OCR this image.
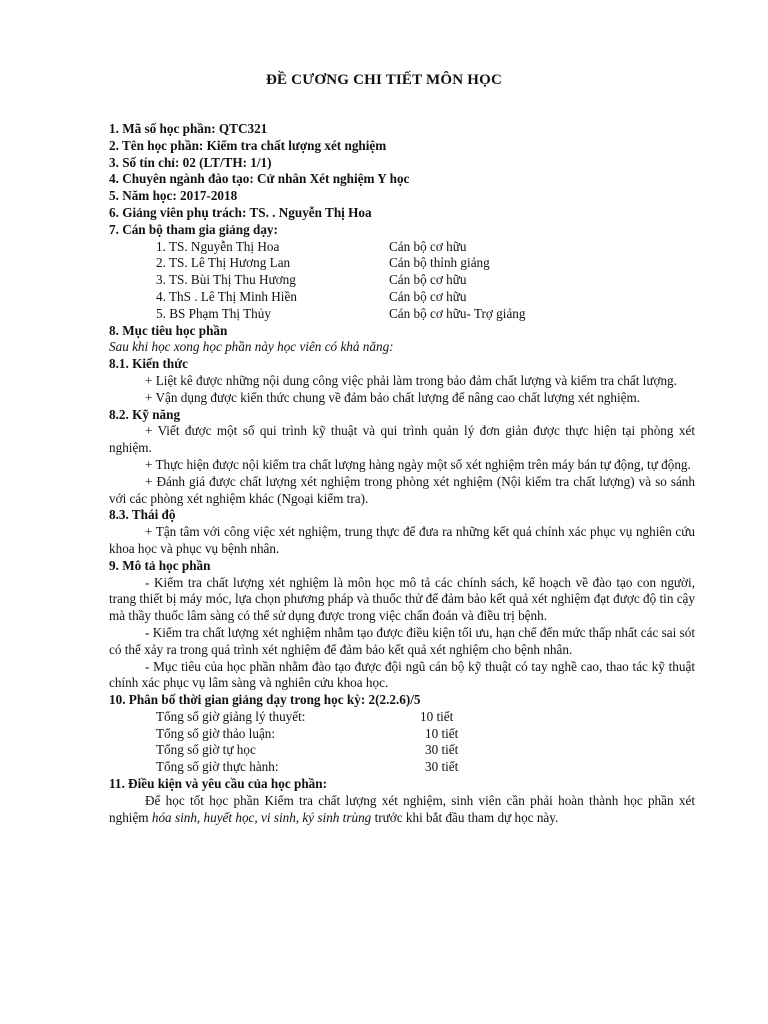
ĐỀ CƯƠNG CHI TIẾT MÔN HỌC
1. Mã số học phần: QTC321
2. Tên học phần: Kiểm tra chất lượng xét nghiệm
3. Số tín chỉ: 02 (LT/TH: 1/1)
4. Chuyên ngành đào tạo: Cử nhân Xét nghiệm Y học
5. Năm học: 2017-2018
6. Giảng viên phụ trách: TS. . Nguyễn Thị Hoa
7. Cán bộ tham gia giảng dạy:
1. TS. Nguyễn Thị Hoa	Cán bộ cơ hữu
2. TS. Lê Thị Hương Lan	Cán bộ thỉnh giảng
3. TS. Bùi Thị Thu Hương	Cán bộ cơ hữu
4. ThS . Lê Thị Minh Hiền	Cán bộ cơ hữu
5. BS Phạm Thị Thủy	Cán bộ cơ hữu- Trợ giảng
8. Mục tiêu học phần
Sau khi học xong học phần này học viên có khả năng:
8.1. Kiến thức

+ Liệt kê được những nội dung công việc phải làm trong bảo đảm chất lượng và kiểm tra chất lượng.

+ Vận dụng được kiến thức chung về đảm bảo chất lượng để nâng cao chất lượng xét nghiệm.

8.2. Kỹ năng

+ Viết được một số qui trình kỹ thuật và qui trình quản lý đơn giản được thực hiện tại phòng xét nghiệm.

+ Thực hiện được nội kiểm tra chất lượng hàng ngày một số xét nghiệm trên máy bán tự động, tự động.

+ Đánh giá được chất lượng xét nghiệm trong phòng xét nghiệm (Nội kiểm tra chất lượng) và so sánh với các phòng xét nghiệm khác (Ngoại kiểm tra).

8.3. Thái độ

+ Tận tâm với công việc xét nghiệm, trung thực để đưa ra những kết quả chính xác phục vụ nghiên cứu khoa học và phục vụ bệnh nhân.

9. Mô tả học phần

- Kiểm tra chất lượng xét nghiệm là môn học mô tả các chính sách, kế hoạch về đào tạo con người, trang thiết bị máy móc, lựa chọn phương pháp và thuốc thử để đảm bảo kết quả xét nghiệm đạt được độ tin cậy mà thầy thuốc lâm sàng có thể sử dụng được trong việc chẩn đoán và điều trị bệnh.

- Kiểm tra chất lượng xét nghiệm nhằm tạo được điều kiện tối ưu, hạn chế đến mức thấp nhất các sai sót có thể xảy ra trong quá trình xét nghiệm để đảm bảo kết quả xét nghiệm cho bệnh nhân.

- Mục tiêu của học phần nhằm đào tạo được đội ngũ cán bộ kỹ thuật có tay nghề cao, thao tác kỹ thuật chính xác phục vụ lâm sàng và nghiên cứu khoa học.

10. Phân bố thời gian giảng dạy trong học kỳ: 2(2.2.6)/5
Tổng số giờ giảng lý thuyết:	10 tiết
Tổng số giờ thảo luận:	10 tiết
Tổng số giờ tự học	30 tiết
Tổng số giờ thực hành:	30 tiết
11. Điều kiện và yêu cầu của học phần:

Để học tốt học phần Kiểm tra chất lượng xét nghiệm, sinh viên cần phải hoàn thành học phần xét nghiệm hóa sinh, huyết học, vi sinh, ký sinh trùng trước khi bắt đầu tham dự học này.
